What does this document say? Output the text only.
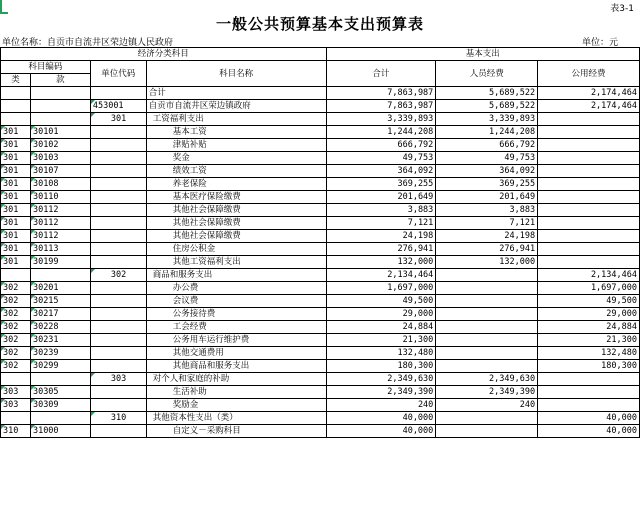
表3-1
一般公共预算基本支出预算表
单位名称：自贡市自流井区荣边镇人民政府	单位：元
经济分类科目				基本支出		
科目编码		单位代码	科目名称	合计	人员经费	公用经费
类	款					
			合计	7,863,987	5,689,522	2,174,464
		453001	自贡市自流井区荣边镇政府	7,863,987	5,689,522	2,174,464
		301	工资福利支出	3,339,893	3,339,893	
301	30101		基本工资	1,244,208	1,244,208	
301	30102		津贴补贴	666,792	666,792	
301	30103		奖金	49,753	49,753	
301	30107		绩效工资	364,092	364,092	
301	30108		养老保险	369,255	369,255	
301	30110		基本医疗保险缴费	201,649	201,649	
301	30112		其他社会保障缴费	3,883	3,883	
301	30112		其他社会保障缴费	7,121	7,121	
301	30112		其他社会保障缴费	24,198	24,198	
301	30113		住房公积金	276,941	276,941	
301	30199		其他工资福利支出	132,000	132,000	
		302	商品和服务支出	2,134,464		2,134,464
302	30201		办公费	1,697,000		1,697,000
302	30215		会议费	49,500		49,500
302	30217		公务接待费	29,000		29,000
302	30228		工会经费	24,884		24,884
302	30231		公务用车运行维护费	21,300		21,300
302	30239		其他交通费用	132,480		132,480
302	30299		其他商品和服务支出	180,300		180,300
		303	对个人和家庭的补助	2,349,630	2,349,630	
303	30305		生活补助	2,349,390	2,349,390	
303	30309		奖励金	240	240	
		310	其他资本性支出（类）	40,000		40,000
310	31000		自定义－采购科目	40,000		40,000
